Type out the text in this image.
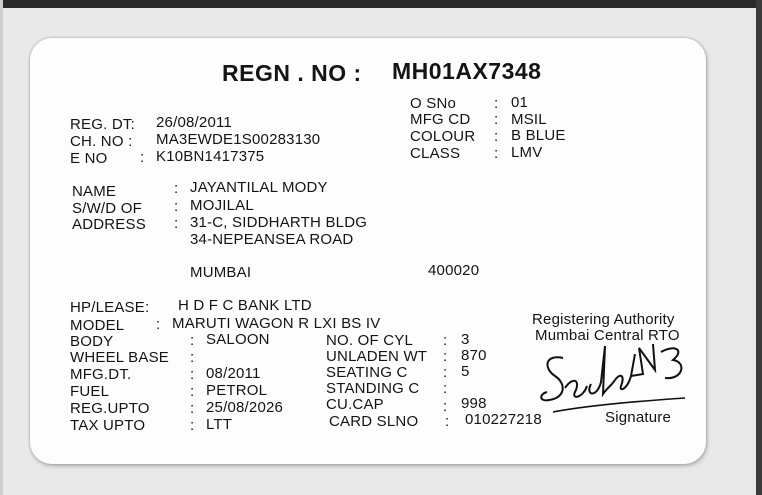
REGN . NO : MH01AX7348
REG. DT: 26/08/2011
CH. NO : MA3EWDE1S00283130
E NO : K10BN1417375
O SNo	: 01
MFG CD : MSIL
COLOUR : B BLUE
CLASS : LMV
NAME	: JAYANTILAL MODY
S/W/D OF : MOJILAL
ADDRESS : 31-C, SIDDHARTH BLDG
34-NEPEANSEA ROAD
MUMBAI	400020
HP/LEASE: H D F C BANK LTD
MODEL : MARUTI WAGON R LXI BS IV
BODY	: SALOON
WHEEL BASE :
MFG.DT.	: 08/2011
FUEL	: PETROL
REG.UPTO	: 25/08/2026
TAX UPTO	: LTT
NO. OF CYL : 3
UNLADEN WT : 870
SEATING C : 5
STANDING C :
CU.CAP	: 998
CARD SLNO : 010227218
Registering Authority
Mumbai Central RTO
Signature
